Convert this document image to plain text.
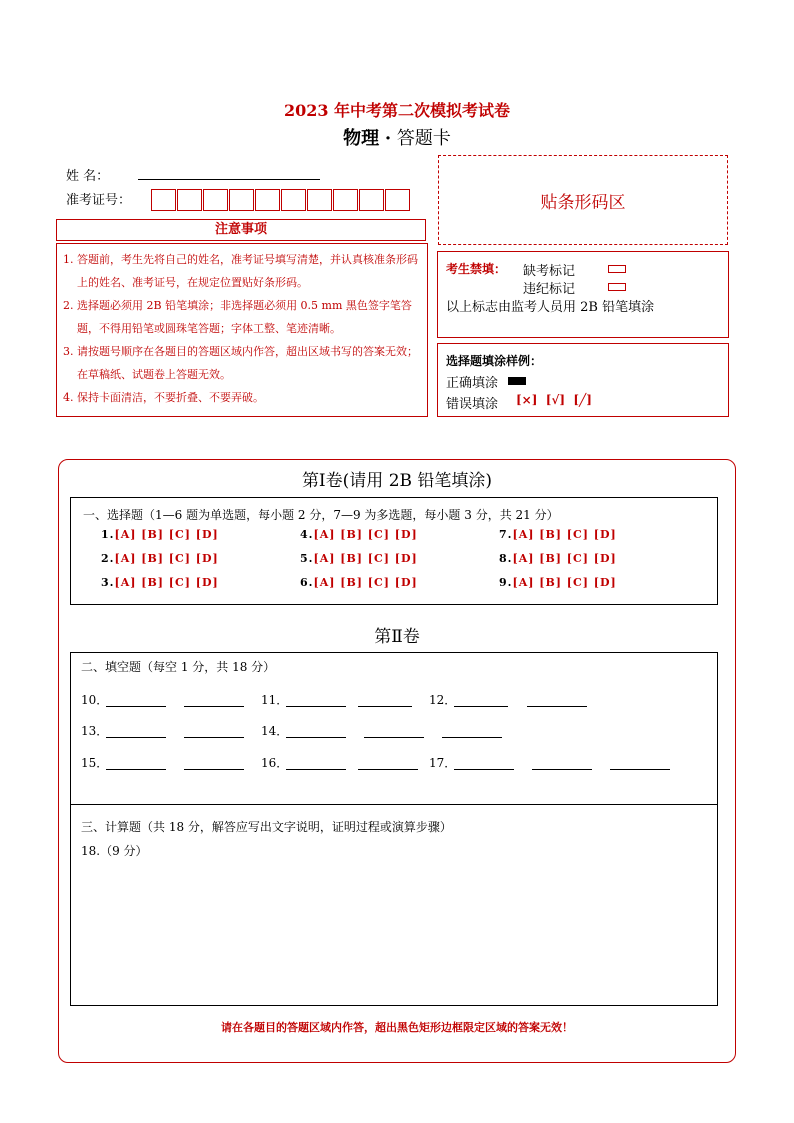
2023 年中考第二次模拟考试卷
物理 · 答题卡
姓 名：
准考证号：	贴条形码区
注意事项

1. 答题前，考生先将自己的姓名，准考证号填写清楚，并认真核准条形码上的姓名、准考证号，在规定位置贴好条形码。

2. 选择题必须用 2B 铅笔填涂；非选择题必须用 0.5 mm 黑色签字笔答题，不得用铅笔或圆珠笔答题；字体工整、笔迹清晰。

3. 请按题号顺序在各题目的答题区域内作答，超出区域书写的答案无效；在草稿纸、试题卷上答题无效。

4. 保持卡面清洁，不要折叠、不要弄破。

考生禁填： 缺考标记
违纪标记
以上标志由监考人员用 2B 铅笔填涂
选择题填涂样例：
正确填涂
错误填涂 [×]  [√]  [╱]
第Ⅰ卷(请用 2B 铅笔填涂)
一、选择题（1—6 题为单选题，每小题 2 分，7—9 为多选题，每小题 3 分，共 21 分）
1.[A] [B] [C] [D]
2.[A] [B] [C] [D]
3.[A] [B] [C] [D]
4.[A] [B] [C] [D]
5.[A] [B] [C] [D]
6.[A] [B] [C] [D]
7.[A] [B] [C] [D]
8.[A] [B] [C] [D]
9.[A] [B] [C] [D]
第Ⅱ卷
二、填空题（每空 1 分，共 18 分）
10．	11．	12．
13．	14．
15．	16．	17．
三、计算题（共 18 分，解答应写出文字说明，证明过程或演算步骤）
18.（9 分）
请在各题目的答题区域内作答，超出黑色矩形边框限定区域的答案无效！
